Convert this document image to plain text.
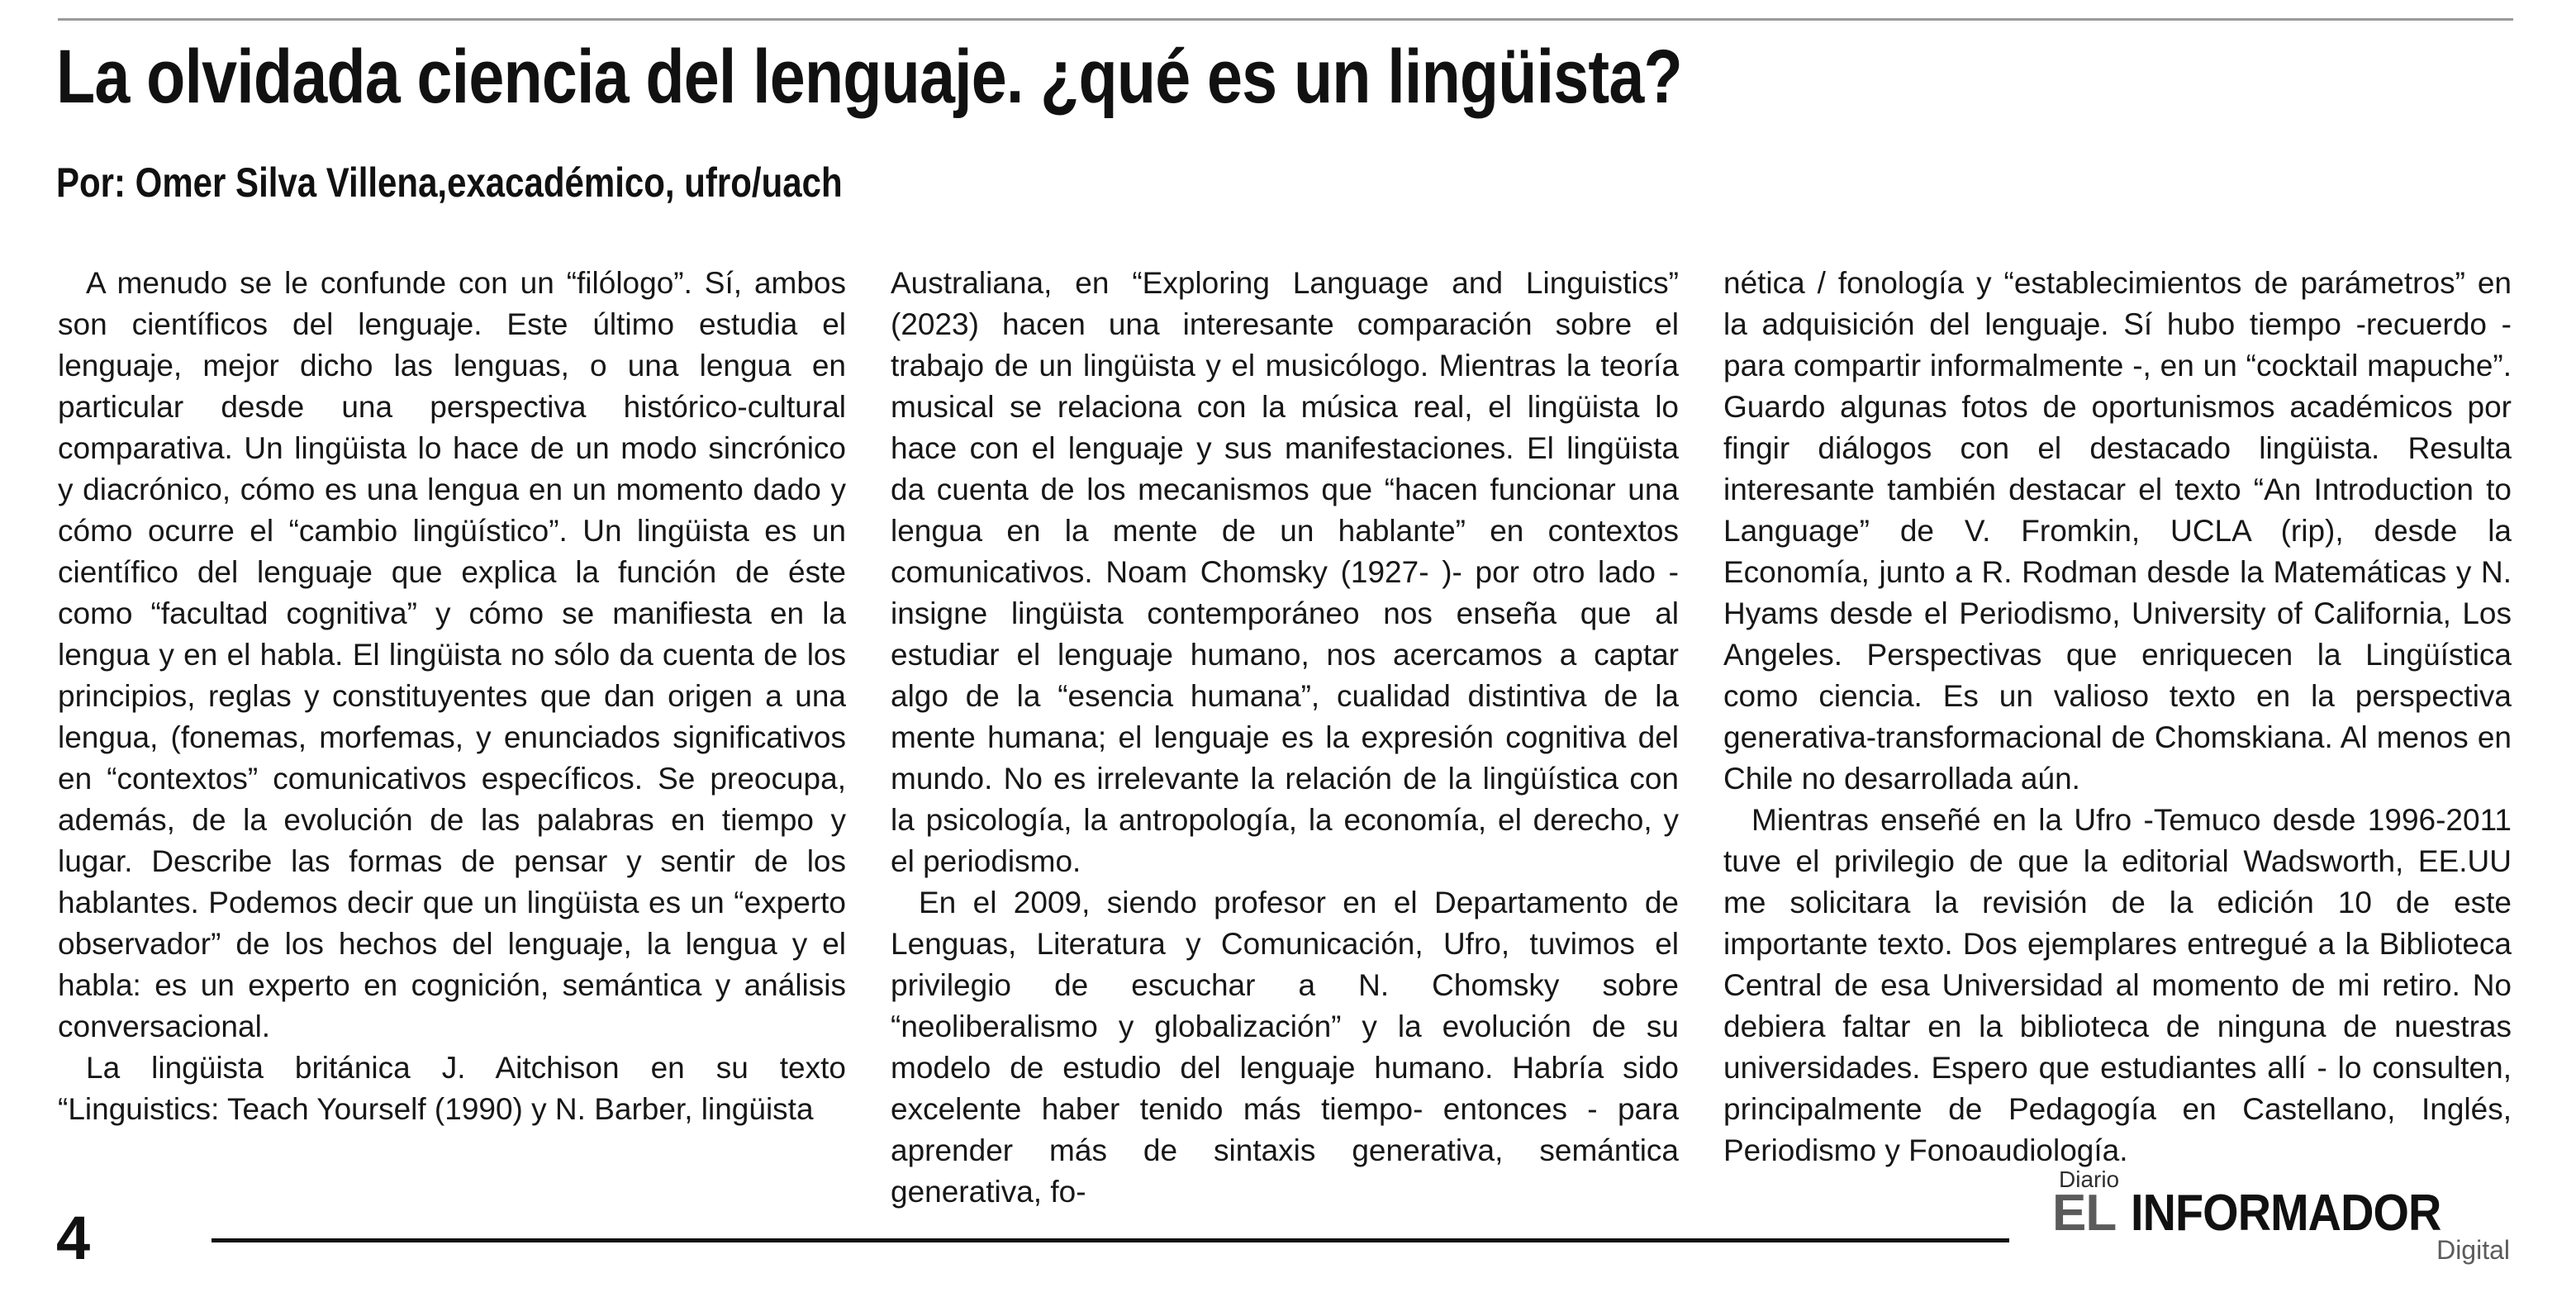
La olvidada ciencia del lenguaje. ¿qué es un lingüista?
Por: Omer Silva Villena,exacadémico, ufro/uach

A menudo se le confunde con un “filólogo”. Sí, ambos son científicos del lenguaje. Este último estudia el lenguaje, mejor dicho las lenguas, o una lengua en particular desde una perspectiva histórico-cultural comparativa. Un lingüista lo hace de un modo sincrónico y diacrónico, cómo es una lengua en un momento dado y cómo ocurre el “cambio lingüístico”. Un lingüista es un científico del lenguaje que explica la función de éste como “facultad cognitiva” y cómo se manifiesta en la lengua y en el habla. El lingüista no sólo da cuenta de los principios, reglas y constituyentes que dan origen a una lengua, (fonemas, morfemas, y enunciados significativos en “contextos” comunicativos específicos. Se preocupa, además, de la evolución de las palabras en tiempo y lugar. Describe las formas de pensar y sentir de los hablantes. Podemos decir que un lingüista es un “experto observador” de los hechos del lenguaje, la lengua y el habla: es un experto en cognición, semántica y análisis conversacional.

La lingüista británica J. Aitchison en su texto “Linguistics: Teach Yourself (1990) y N. Barber, lingüista

Australiana, en “Exploring Language and Linguistics” (2023) hacen una interesante comparación sobre el trabajo de un lingüista y el musicólogo. Mientras la teoría musical se relaciona con la música real, el lingüista lo hace con el lenguaje y sus manifestaciones. El lingüista da cuenta de los mecanismos que “hacen funcionar una lengua en la mente de un hablante” en contextos comunicativos. Noam Chomsky (1927- )- por otro lado - insigne lingüista contemporáneo nos enseña que al estudiar el lenguaje humano, nos acercamos a captar algo de la “esencia humana”, cualidad distintiva de la mente humana; el lenguaje es la expresión cognitiva del mundo. No es irrelevante la relación de la lingüística con la psicología, la antropología, la economía, el derecho, y el periodismo.

En el 2009, siendo profesor en el Departamento de Lenguas, Literatura y Comunicación, Ufro, tuvimos el privilegio de escuchar a N. Chomsky sobre “neoliberalismo y globalización” y la evolución de su modelo de estudio del lenguaje humano. Habría sido excelente haber tenido más tiempo- entonces - para aprender más de sintaxis generativa, semántica generativa, fo-

nética / fonología y “establecimientos de parámetros” en la adquisición del lenguaje. Sí hubo tiempo -recuerdo - para compartir informalmente -, en un “cocktail mapuche”. Guardo algunas fotos de oportunismos académicos por fingir diálogos con el destacado lingüista. Resulta interesante también destacar el texto “An Introduction to Language” de V. Fromkin, UCLA (rip), desde la Economía, junto a R. Rodman desde la Matemáticas y N. Hyams desde el Periodismo, University of California, Los Angeles. Perspectivas que enriquecen la Lingüística como ciencia. Es un valioso texto en la perspectiva generativa-transformacional de Chomskiana. Al menos en Chile no desarrollada aún.

Mientras enseñé en la Ufro -Temuco desde 1996-2011 tuve el privilegio de que la editorial Wadsworth, EE.UU me solicitara la revisión de la edición 10 de este importante texto. Dos ejemplares entregué a la Biblioteca Central de esa Universidad al momento de mi retiro. No debiera faltar en la biblioteca de ninguna de nuestras universidades. Espero que estudiantes allí - lo consulten, principalmente de Pedagogía en Castellano, Inglés, Periodismo y Fonoaudiología.

4
Diario
EL INFORMADOR
Digital
